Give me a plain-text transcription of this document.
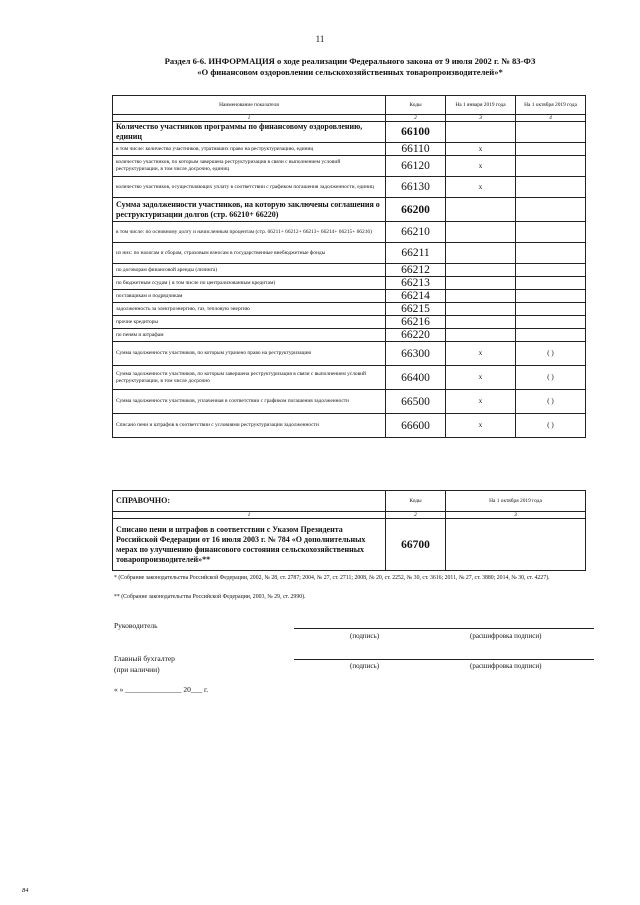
11
Раздел 6-6. ИНФОРМАЦИЯ о ходе реализации Федерального закона от 9 июля 2002 г. № 83-ФЗ
«О финансовом оздоровлении сельскохозяйственных товаропроизводителей»*
Наименование показателя	Коды	На 1 января 2019 года	На 1 октября 2019 года
1	2	3	4
Количество участников программы по финансовому оздоровлению, единиц	66100		
в том числе: количество участников, утративших право на реструктуризацию, единиц	66110	х	
количество участников, по которым завершена реструктуризация в связи с выполнением условий реструктуризации, в том числе досрочно, единиц	66120	х	
количество участников, осуществляющих уплату в соответствии с графиком погашения задолженности, единиц	66130	х	
Сумма задолженности участников, на которую заключены соглашения о реструктуризации долгов (стр. 66210+ 66220)	66200		
в том числе: по основному долгу и начисленным процентам (стр. 66211+ 66212+ 66213+ 66214+ 66215+ 66216)	66210		
из них: по налогам и сборам, страховым взносам в государственные внебюджетные фонды	66211		
по договорам финансовой аренды (лизинга)	66212		
по бюджетным ссудам ( в том числе по централизованным кредитам)	66213		
поставщикам и подрядчикам	66214		
задолженность за электроэнергию, газ, тепловую энергию	66215		
прочие кредиторы	66216		
по пеням и штрафам	66220		
Сумма задолженности участников, по которым утрачено право на реструктуризацию	66300	х	( )
Сумма задолженности участников, по которым завершена реструктуризация в связи с выполнением условий реструктуризации, в том числе досрочно	66400	х	( )
Сумма задолженности участников, уплаченная в соответствии с графиком погашения задолженности	66500	х	( )
Списано пени и штрафов в соответствии с условиями реструктуризации задолженности	66600	х	( )
СПРАВОЧНО:	Коды	На 1 октября 2019 года
1	2	3
Списано пени и штрафов в соответствии с Указом Президента Российской Федерации от 16 июля 2003 г. № 784 «О дополнительных мерах по улучшению финансового состояния сельскохозяйственных товаропроизводителей»**	66700	
* (Собрание законодательства Российской Федерации, 2002, № 28, ст. 2787; 2004, № 27, ст. 2711; 2008, № 20, ст. 2252, № 30, ст. 3616; 2011, № 27, ст. 3880; 2014, № 30, ст. 4227).
** (Собрание законодательства Российской Федерации, 2003, № 29, ст. 2990).
Руководитель
(подпись)	(расшифровка подписи)
Главный бухгалтер
(при наличии)	(подпись)	(расшифровка подписи)
« » _______________ 20___ г.
84
